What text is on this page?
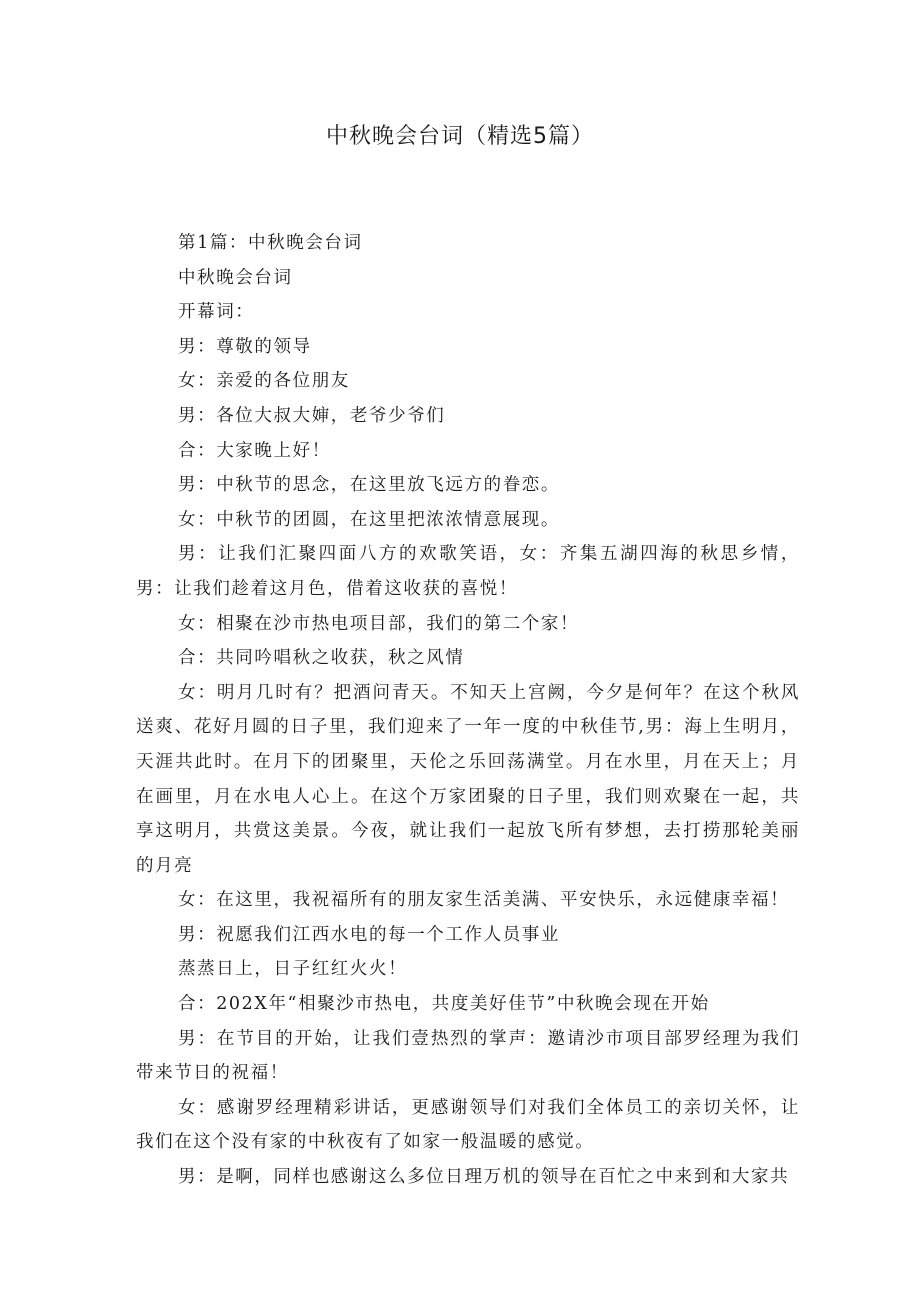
中秋晚会台词（精选5篇）

第1篇：中秋晚会台词

中秋晚会台词

开幕词：

男：尊敬的领导

女：亲爱的各位朋友

男：各位大叔大婶，老爷少爷们

合：大家晚上好！

男：中秋节的思念，在这里放飞远方的眷恋。

女：中秋节的团圆，在这里把浓浓情意展现。

男：让我们汇聚四面八方的欢歌笑语，女：齐集五湖四海的秋思乡情，男：让我们趁着这月色，借着这收获的喜悦！

女：相聚在沙市热电项目部，我们的第二个家！

合：共同吟唱秋之收获，秋之风情

女：明月几时有？把酒问青天。不知天上宫阙，今夕是何年？在这个秋风送爽、花好月圆的日子里，我们迎来了一年一度的中秋佳节,男：海上生明月，天涯共此时。在月下的团聚里，天伦之乐回荡满堂。月在水里，月在天上；月在画里，月在水电人心上。在这个万家团聚的日子里，我们则欢聚在一起，共享这明月，共赏这美景。今夜，就让我们一起放飞所有梦想，去打捞那轮美丽的月亮

女：在这里，我祝福所有的朋友家生活美满、平安快乐，永远健康幸福！

男：祝愿我们江西水电的每一个工作人员事业

蒸蒸日上，日子红红火火！

合：202X年“相聚沙市热电，共度美好佳节”中秋晚会现在开始

男：在节目的开始，让我们壹热烈的掌声：邀请沙市项目部罗经理为我们带来节日的祝福！

女：感谢罗经理精彩讲话，更感谢领导们对我们全体员工的亲切关怀，让我们在这个没有家的中秋夜有了如家一般温暖的感觉。

男：是啊，同样也感谢这么多位日理万机的领导在百忙之中来到和大家共
